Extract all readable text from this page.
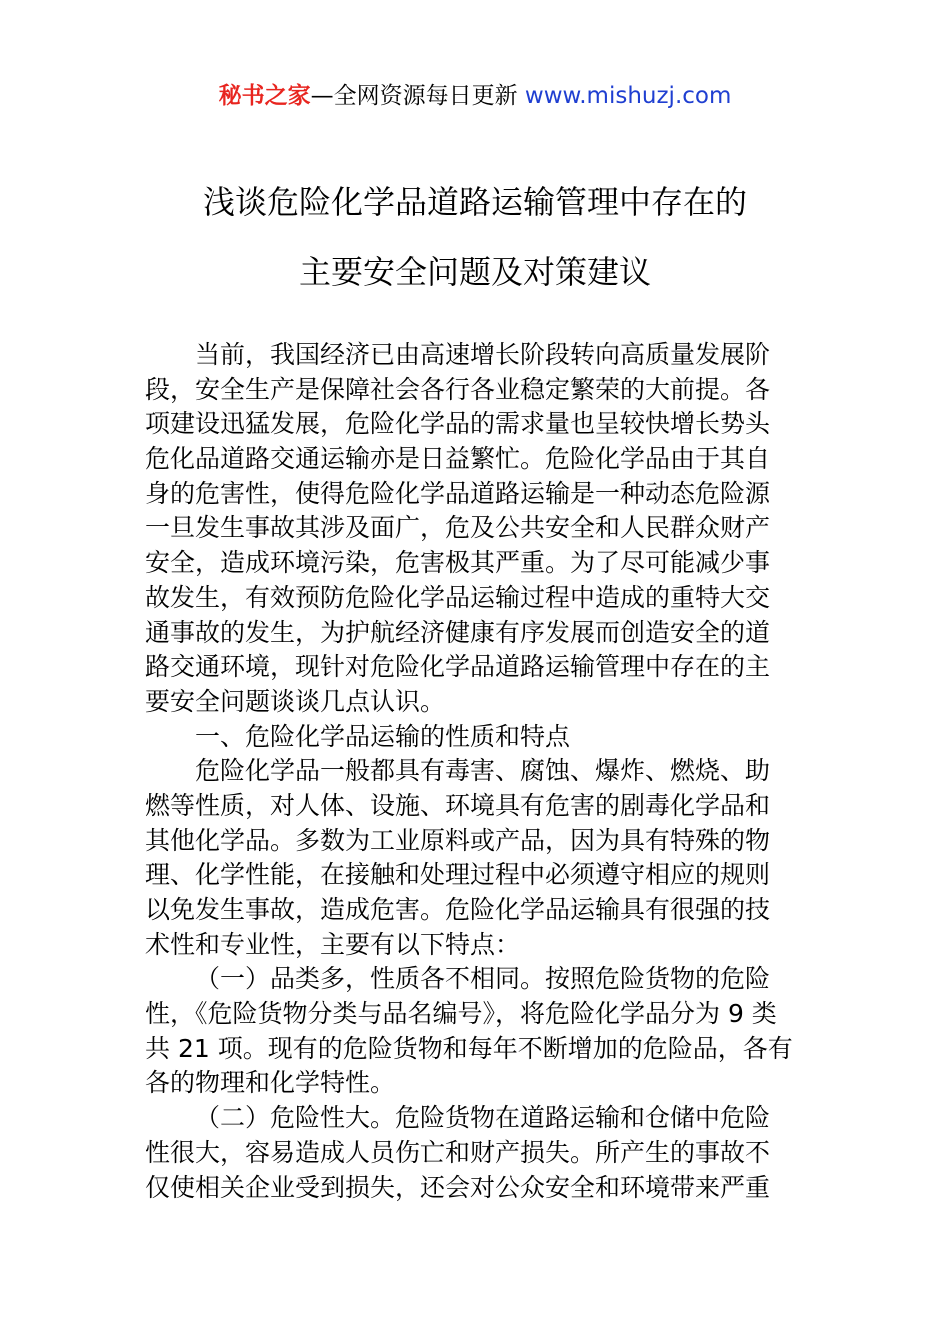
秘书之家—全网资源每日更新 www.mishuzj.com
浅谈危险化学品道路运输管理中存在的
主要安全问题及对策建议
当前，我国经济已由高速增长阶段转向高质量发展阶
段，安全生产是保障社会各行各业稳定繁荣的大前提。各
项建设迅猛发展，危险化学品的需求量也呈较快增长势头
危化品道路交通运输亦是日益繁忙。危险化学品由于其自
身的危害性，使得危险化学品道路运输是一种动态危险源
一旦发生事故其涉及面广，危及公共安全和人民群众财产
安全，造成环境污染，危害极其严重。为了尽可能减少事
故发生，有效预防危险化学品运输过程中造成的重特大交
通事故的发生，为护航经济健康有序发展而创造安全的道
路交通环境，现针对危险化学品道路运输管理中存在的主
要安全问题谈谈几点认识。
一、危险化学品运输的性质和特点
危险化学品一般都具有毒害、腐蚀、爆炸、燃烧、助
燃等性质，对人体、设施、环境具有危害的剧毒化学品和
其他化学品。多数为工业原料或产品，因为具有特殊的物
理、化学性能，在接触和处理过程中必须遵守相应的规则
以免发生事故，造成危害。危险化学品运输具有很强的技
术性和专业性，主要有以下特点：
（一）品类多，性质各不相同。按照危险货物的危险
性，《危险货物分类与品名编号》，将危险化学品分为 9 类
共 21 项。现有的危险货物和每年不断增加的危险品，各有
各的物理和化学特性。
（二）危险性大。危险货物在道路运输和仓储中危险
性很大，容易造成人员伤亡和财产损失。所产生的事故不
仅使相关企业受到损失，还会对公众安全和环境带来严重
